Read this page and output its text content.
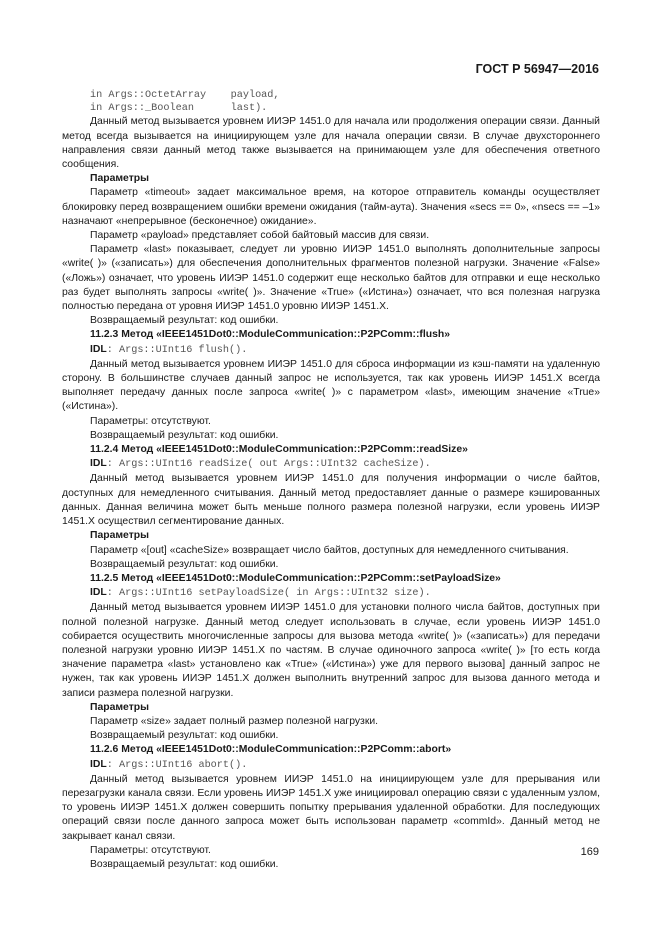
ГОСТ Р 56947—2016
in Args::OctetArray    payload,
in Args::_Boolean      last).

Данный метод вызывается уровнем ИИЭР 1451.0 для начала или продолжения операции связи. Данный метод всегда вызывается на инициирующем узле для начала операции связи. В случае двухстороннего направления связи данный метод также вызывается на принимающем узле для обеспечения ответного сообщения.

Параметры

Параметр «timeout» задает максимальное время, на которое отправитель команды осуществляет блокировку перед возвращением ошибки времени ожидания (тайм-аута). Значения «secs == 0», «nsecs == –1» назначают «непрерывное (бесконечное) ожидание».

Параметр «payload» представляет собой байтовый массив для связи.

Параметр «last» показывает, следует ли уровню ИИЭР 1451.0 выполнять дополнительные запросы «write( )» («записать») для обеспечения дополнительных фрагментов полезной нагрузки. Значение «False» («Ложь») означает, что уровень ИИЭР 1451.0 содержит еще несколько байтов для отправки и еще несколько раз будет выполнять запросы «write( )». Значение «True» («Истина») означает, что вся полезная нагрузка полностью передана от уровня ИИЭР 1451.0 уровню ИИЭР 1451.X.

Возвращаемый результат: код ошибки.

11.2.3 Метод «IEEE1451Dot0::ModuleCommunication::P2PComm::flush»

IDL: Args::UInt16 flush().

Данный метод вызывается уровнем ИИЭР 1451.0 для сброса информации из кэш-памяти на удаленную сторону. В большинстве случаев данный запрос не используется, так как уровень ИИЭР 1451.X всегда выполняет передачу данных после запроса «write( )» с параметром «last», имеющим значение «True» («Истина»).

Параметры: отсутствуют.

Возвращаемый результат: код ошибки.

11.2.4 Метод «IEEE1451Dot0::ModuleCommunication::P2PComm::readSize»

IDL: Args::UInt16 readSize( out Args::UInt32 cacheSize).

Данный метод вызывается уровнем ИИЭР 1451.0 для получения информации о числе байтов, доступных для немедленного считывания. Данный метод предоставляет данные о размере кэшированных данных. Данная величина может быть меньше полного размера полезной нагрузки, если уровень ИИЭР 1451.X осуществил сегментирование данных.

Параметры

Параметр «[out] «cacheSize» возвращает число байтов, доступных для немедленного считывания.

Возвращаемый результат: код ошибки.

11.2.5 Метод «IEEE1451Dot0::ModuleCommunication::P2PComm::setPayloadSize»

IDL: Args::UInt16 setPayloadSize( in Args::UInt32 size).

Данный метод вызывается уровнем ИИЭР 1451.0 для установки полного числа байтов, доступных при полной полезной нагрузке. Данный метод следует использовать в случае, если уровень ИИЭР 1451.0 собирается осуществить многочисленные запросы для вызова метода «write( )» («записать») для передачи полезной нагрузки уровню ИИЭР 1451.X по частям. В случае одиночного запроса «write( )» [то есть когда значение параметра «last» установлено как «True» («Истина») уже для первого вызова] данный запрос не нужен, так как уровень ИИЭР 1451.X должен выполнить внутренний запрос для вызова данного метода и записи размера полезной нагрузки.

Параметры

Параметр «size» задает полный размер полезной нагрузки.

Возвращаемый результат: код ошибки.

11.2.6 Метод «IEEE1451Dot0::ModuleCommunication::P2PComm::abort»

IDL: Args::UInt16 abort().

Данный метод вызывается уровнем ИИЭР 1451.0 на инициирующем узле для прерывания или перезагрузки канала связи. Если уровень ИИЭР 1451.X уже инициировал операцию связи с удаленным узлом, то уровень ИИЭР 1451.X должен совершить попытку прерывания удаленной обработки. Для последующих операций связи после данного запроса может быть использован параметр «commId». Данный метод не закрывает канал связи.

Параметры: отсутствуют.

Возвращаемый результат: код ошибки.

169
